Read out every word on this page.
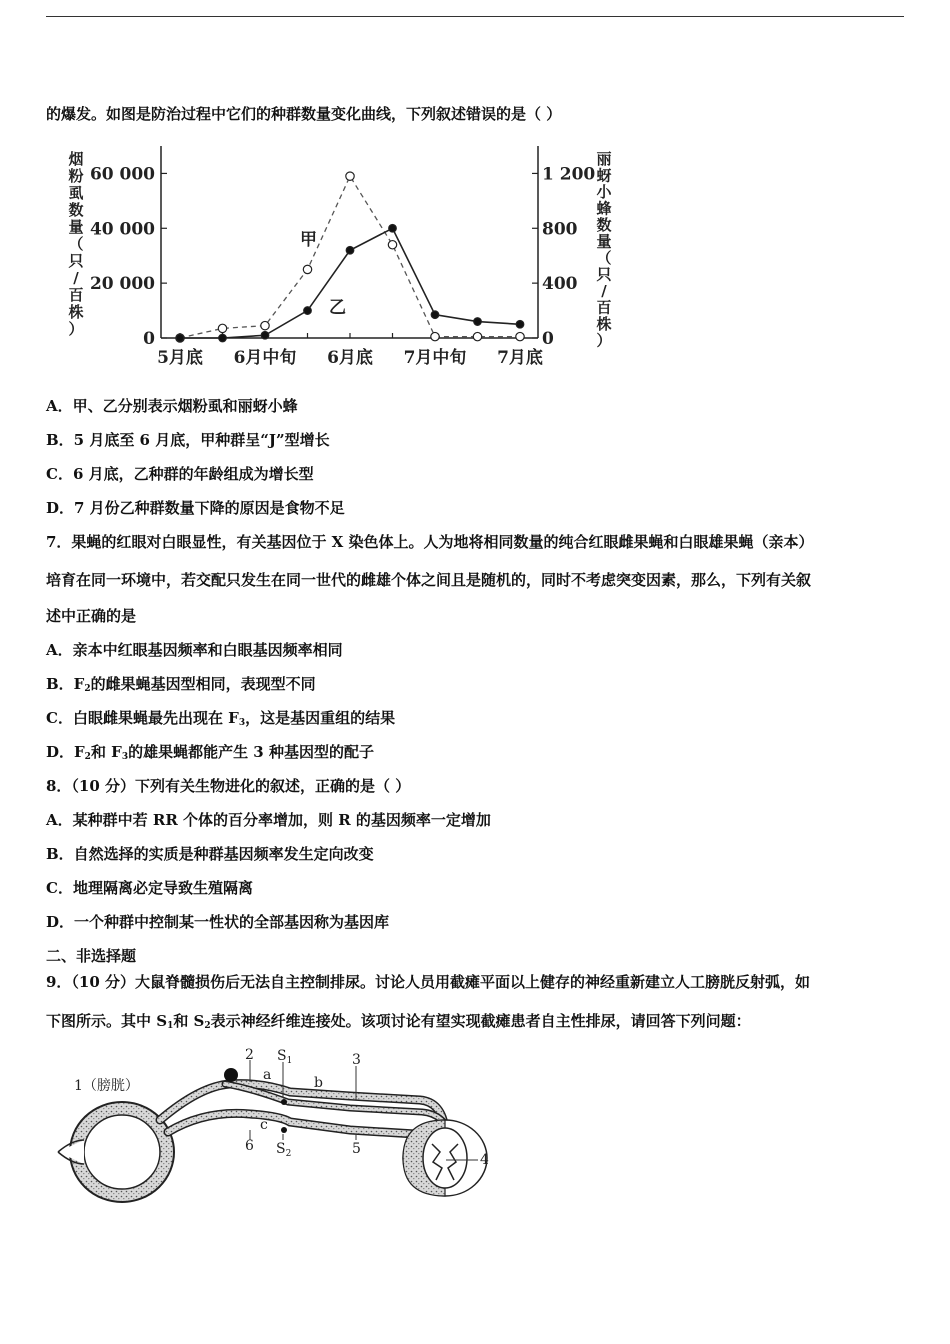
的爆发。如图是防治过程中它们的种群数量变化曲线，下列叙述错误的是（ ）
0
20 000
40 000
60 000
0
400
800
1 200
5月底 6月中旬 6月底 7月中旬 7月底
烟粉虱数量（只/百株）
丽蚜小蜂数量（只/百株）
甲
乙
A．甲、乙分别表示烟粉虱和丽蚜小蜂
B．5 月底至 6 月底，甲种群呈“J”型增长
C．6 月底，乙种群的年龄组成为增长型
D．7 月份乙种群数量下降的原因是食物不足
7．果蝇的红眼对白眼显性，有关基因位于 X 染色体上。人为地将相同数量的纯合红眼雌果蝇和白眼雄果蝇（亲本）
培育在同一环境中，若交配只发生在同一世代的雌雄个体之间且是随机的，同时不考虑突变因素，那么，下列有关叙
述中正确的是
A．亲本中红眼基因频率和白眼基因频率相同
B．$F_2$的雌果蝇基因型相同，表现型不同
C．白眼雌果蝇最先出现在 $F_3$，这是基因重组的结果
D．$F_2$和 $F_3$的雄果蝇都能产生 3 种基因型的配子
8．（10 分）下列有关生物进化的叙述，正确的是（ ）
A．某种群中若 RR 个体的百分率增加，则 R 的基因频率一定增加
B．自然选择的实质是种群基因频率发生定向改变
C．地理隔离必定导致生殖隔离
D．一个种群中控制某一性状的全部基因称为基因库
二、非选择题
9．（10 分）大鼠脊髓损伤后无法自主控制排尿。讨论人员用截瘫平面以上健存的神经重新建立人工膀胱反射弧，如
下图所示。其中 $S_1$和 $S_2$表示神经纤维连接处。该项讨论有望实现截瘫患者自主性排尿，请回答下列问题：
1（膀胱）
2 $S_1$
a	b
3
6
c
$S_2$	5
4
